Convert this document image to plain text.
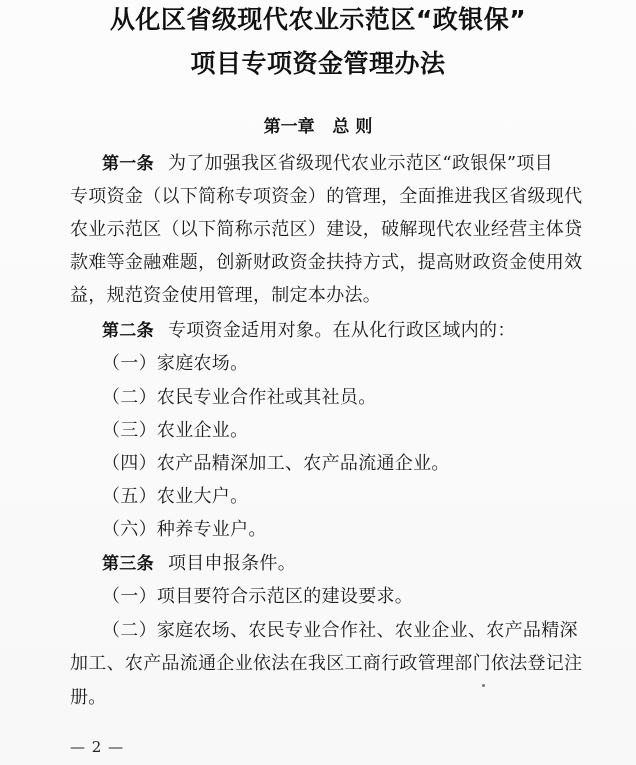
从化区省级现代农业示范区“政银保”
项目专项资金管理办法
第一章   总 则
第一条 为了加强我区省级现代农业示范区“政银保”项目
专项资金（以下简称专项资金）的管理，全面推进我区省级现代
农业示范区（以下简称示范区）建设，破解现代农业经营主体贷
款难等金融难题，创新财政资金扶持方式，提高财政资金使用效
益，规范资金使用管理，制定本办法。
第二条 专项资金适用对象。在从化行政区域内的：
（一）家庭农场。
（二）农民专业合作社或其社员。
（三）农业企业。
（四）农产品精深加工、农产品流通企业。
（五）农业大户。
（六）种养专业户。
第三条 项目申报条件。
（一）项目要符合示范区的建设要求。
（二）家庭农场、农民专业合作社、农业企业、农产品精深
加工、农产品流通企业依法在我区工商行政管理部门依法登记注
册。
— 2 —
